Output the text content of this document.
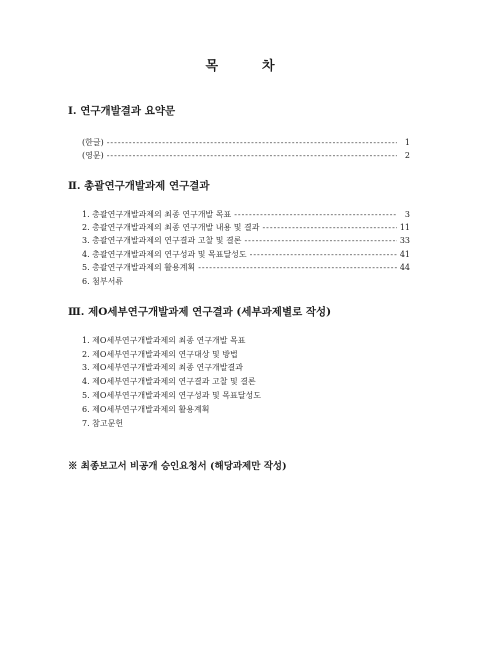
목	차
Ⅰ. 연구개발결과 요약문
(한글) -----	1
(영문) -----	2
Ⅱ. 총괄연구개발과제 연구결과
1. 총괄연구개발과제의 최종 연구개발 목표 -----	3
2. 총괄연구개발과제의 최종 연구개발 내용 및 결과 -----	11
3. 총괄연구개발과제의 연구결과 고찰 및 결론 -----	33
4. 총괄연구개발과제의 연구성과 및 목표달성도 -----	41
5. 총괄연구개발과제의 활용계획 -----	44
6. 첨부서류
Ⅲ. 제O세부연구개발과제 연구결과 (세부과제별로 작성)
1. 제O세부연구개발과제의 최종 연구개발 목표
2. 제O세부연구개발과제의 연구대상 및 방법
3. 제O세부연구개발과제의 최종 연구개발결과
4. 제O세부연구개발과제의 연구결과 고찰 및 결론
5. 제O세부연구개발과제의 연구성과 및 목표달성도
6. 제O세부연구개발과제의 활용계획
7. 참고문헌
※ 최종보고서 비공개 승인요청서 (해당과제만 작성)
